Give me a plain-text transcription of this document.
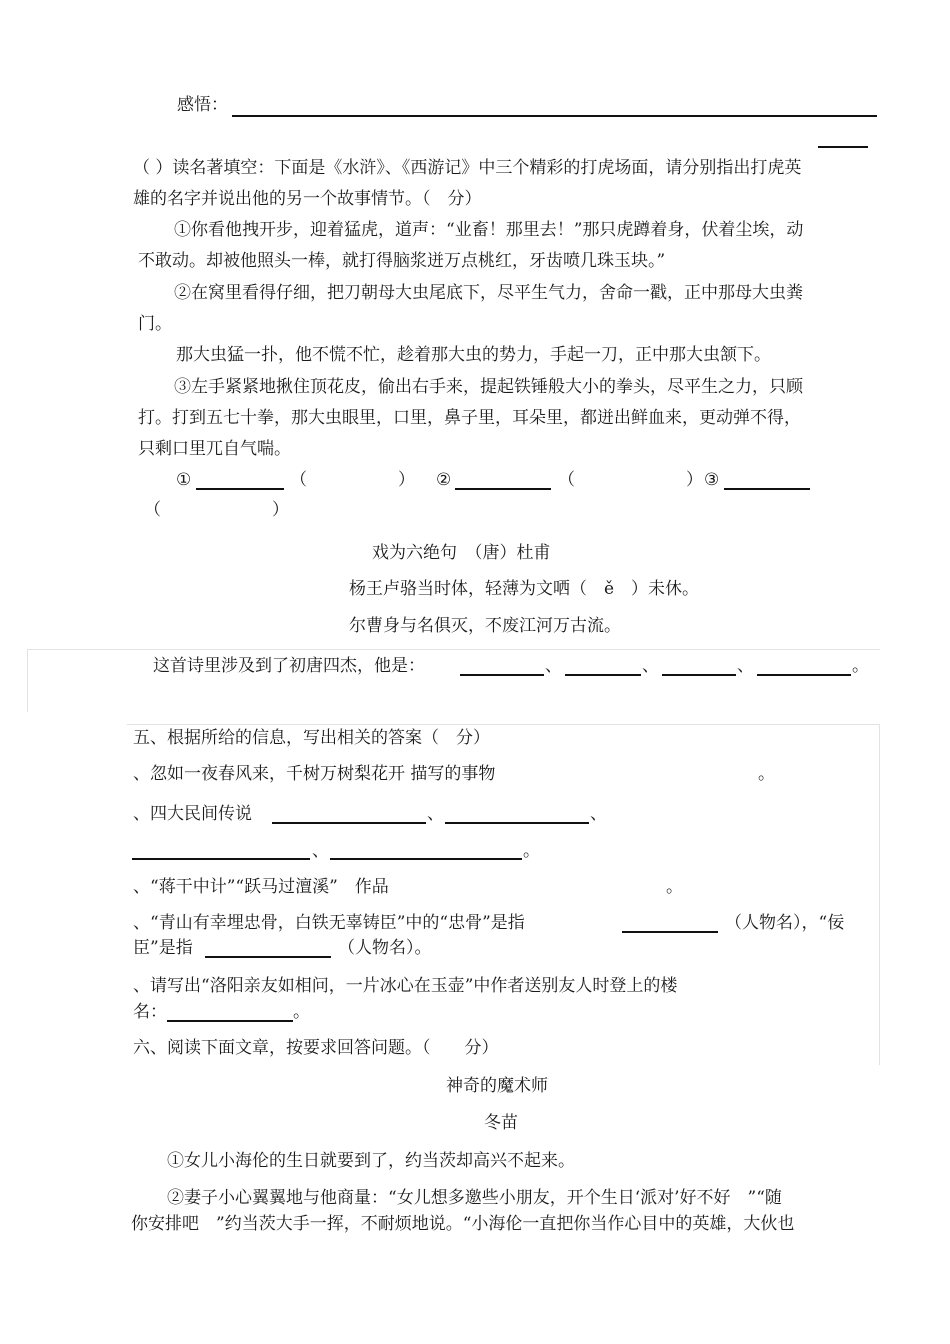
感悟：
（ ）读名著填空：下面是《水浒》、《西游记》中三个精彩的打虎场面，请分别指出打虎英
雄的名字并说出他的另一个故事情节。（　分）
①你看他拽开步，迎着猛虎，道声：“业畜！那里去！”那只虎蹲着身，伏着尘埃，动
不敢动。却被他照头一棒，就打得脑浆迸万点桃红，牙齿喷几珠玉块。”
②在窝里看得仔细，把刀朝母大虫尾底下，尽平生气力，舍命一戳，正中那母大虫粪
门。
那大虫猛一扑，他不慌不忙，趁着那大虫的势力，手起一刀，正中那大虫颔下。
③左手紧紧地揪住顶花皮，偷出右手来，提起铁锤般大小的拳头，尽平生之力，只顾
打。打到五七十拳，那大虫眼里，口里，鼻子里，耳朵里，都迸出鲜血来，更动弹不得，
只剩口里兀自气喘。
①	（	） ②	（	） ③
（	）
戏为六绝句　（唐）杜甫
杨王卢骆当时体，轻薄为文哂（　ě　）未休。
尔曹身与名俱灭，不废江河万古流。
这首诗里涉及到了初唐四杰，他是：	、	、	、	。
五、根据所给的信息，写出相关的答案（　分）
、忽如一夜春风来，千树万树梨花开 描写的事物	。
、四大民间传说	、	、
、	。
、“蒋干中计”“跃马过澶溪”　作品	。
、“青山有幸埋忠骨，白铁无辜铸臣”中的“忠骨”是指	（人物名），“佞
臣”是指	（人物名）。
、请写出“洛阳亲友如相问，一片冰心在玉壶”中作者送别友人时登上的楼
名：	。
六、阅读下面文章，按要求回答问题。（　　分）
神奇的魔术师
冬苗
①女儿小海伦的生日就要到了，约当茨却高兴不起来。
②妻子小心翼翼地与他商量：“女儿想多邀些小朋友，开个生日‘派对’好不好　”“随
你安排吧　”约当茨大手一挥，不耐烦地说。“小海伦一直把你当作心目中的英雄，大伙也
